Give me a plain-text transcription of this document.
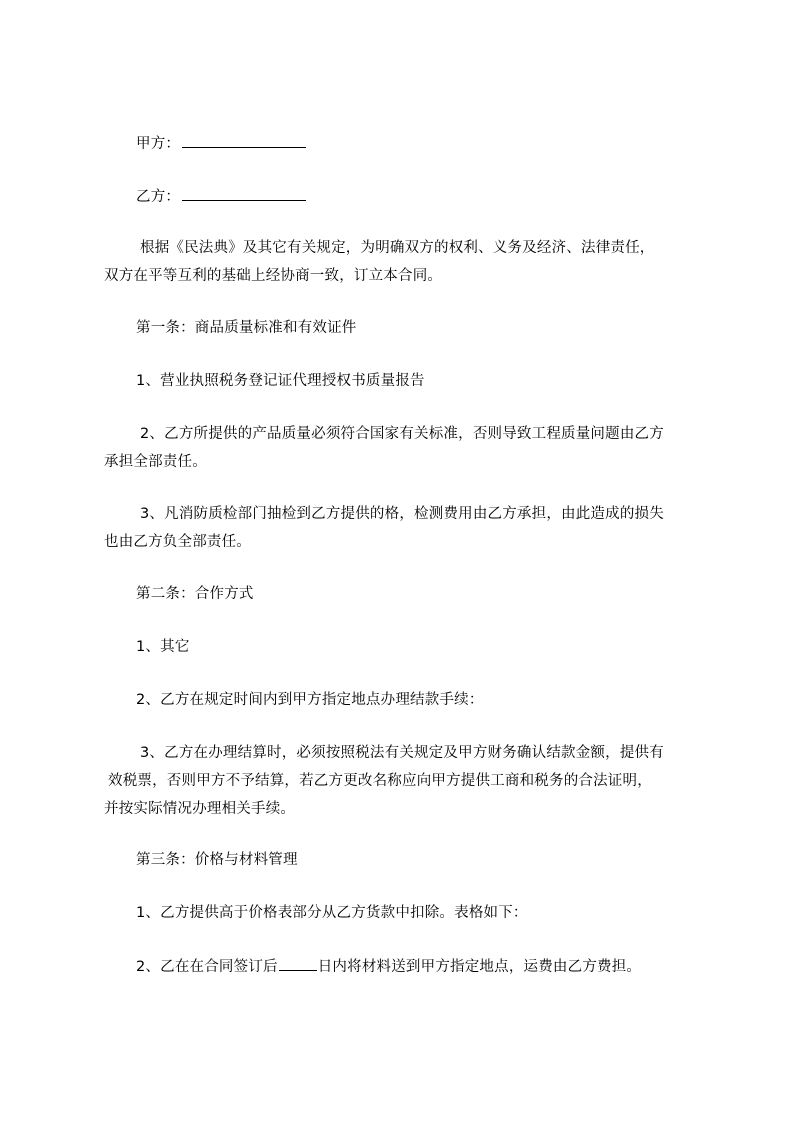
甲方：
乙方：
根据《民法典》及其它有关规定，为明确双方的权利、义务及经济、法律责任，
双方在平等互利的基础上经协商一致，订立本合同。
第一条：商品质量标准和有效证件
1、营业执照税务登记证代理授权书质量报告
2、乙方所提供的产品质量必须符合国家有关标准，否则导致工程质量问题由乙方
承担全部责任。
3、凡消防质检部门抽检到乙方提供的格，检测费用由乙方承担，由此造成的损失
也由乙方负全部责任。
第二条：合作方式
1、其它
2、乙方在规定时间内到甲方指定地点办理结款手续：
3、乙方在办理结算时，必须按照税法有关规定及甲方财务确认结款金额，提供有
效税票，否则甲方不予结算，若乙方更改名称应向甲方提供工商和税务的合法证明，
并按实际情况办理相关手续。
第三条：价格与材料管理
1、乙方提供高于价格表部分从乙方货款中扣除。表格如下：
2、乙在在合同签订后	日内将材料送到甲方指定地点，运费由乙方费担。
